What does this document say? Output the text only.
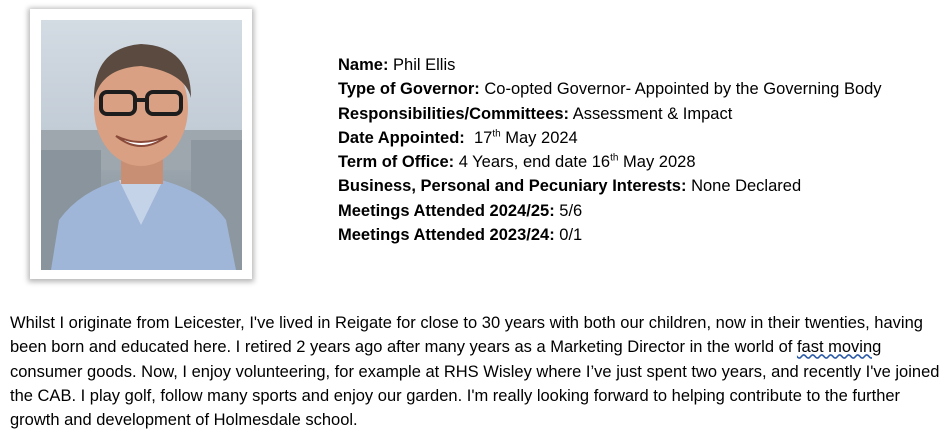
Name: Phil Ellis
Type of Governor: Co-opted Governor- Appointed by the Governing Body
Responsibilities/Committees: Assessment & Impact
Date Appointed: 17th May 2024
Term of Office: 4 Years, end date 16th May 2028
Business, Personal and Pecuniary Interests: None Declared
Meetings Attended 2024/25: 5/6
Meetings Attended 2023/24: 0/1

Whilst I originate from Leicester, I've lived in Reigate for close to 30 years with both our children, now in their twenties, having been born and educated here. I retired 2 years ago after many years as a Marketing Director in the world of fast moving consumer goods. Now, I enjoy volunteering, for example at RHS Wisley where I’ve just spent two years, and recently I've joined the CAB. I play golf, follow many sports and enjoy our garden. I'm really looking forward to helping contribute to the further growth and development of Holmesdale school.
